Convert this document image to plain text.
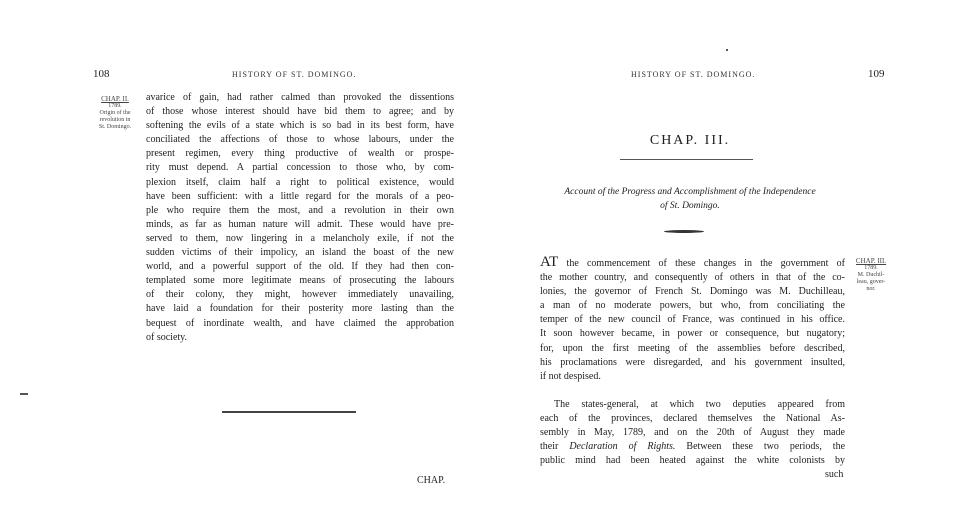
108	HISTORY OF ST. DOMINGO.
CHAP. II.
1789.
Origin of the
revolution in
St. Domingo.
avarice of gain, had rather calmed than provoked the dissentions
of those whose interest should have bid them to agree; and by
softening the evils of a state which is so bad in its best form, have
conciliated the affections of those to whose labours, under the
present regimen, every thing productive of wealth or prospe-
rity must depend. A partial concession to those who, by com-
plexion itself, claim half a right to political existence, would
have been sufficient: with a little regard for the morals of a peo-
ple who require them the most, and a revolution in their own
minds, as far as human nature will admit. These would have pre-
served to them, now lingering in a melancholy exile, if not the
sudden victims of their impolicy, an island the boast of the new
world, and a powerful support of the old. If they had then con-
templated some more legitimate means of prosecuting the labours
of their colony, they might, however immediately unavailing,
have laid a foundation for their posterity more lasting than the
bequest of inordinate wealth, and have claimed the approbation
of society.
CHAP.
HISTORY OF ST. DOMINGO.	109
CHAP. III.
Account of the Progress and Accomplishment of the Independence
of St. Domingo.
AT the commencement of these changes in the government of
the mother country, and consequently of others in that of the co-
lonies, the governor of French St. Domingo was M. Duchilleau,
a man of no moderate powers, but who, from conciliating the
temper of the new council of France, was continued in his office.
It soon however became, in power or consequence, but nugatory;
for, upon the first meeting of the assemblies before described,
his proclamations were disregarded, and his government insulted,
if not despised.
The states-general, at which two deputies appeared from
each of the provinces, declared themselves the National As-
sembly in May, 1789, and on the 20th of August they made
their Declaration of Rights. Between these two periods, the
public mind had been heated against the white colonists by
such
CHAP. III.
1789.
M. Duchil-
leau, gover-
nor.
